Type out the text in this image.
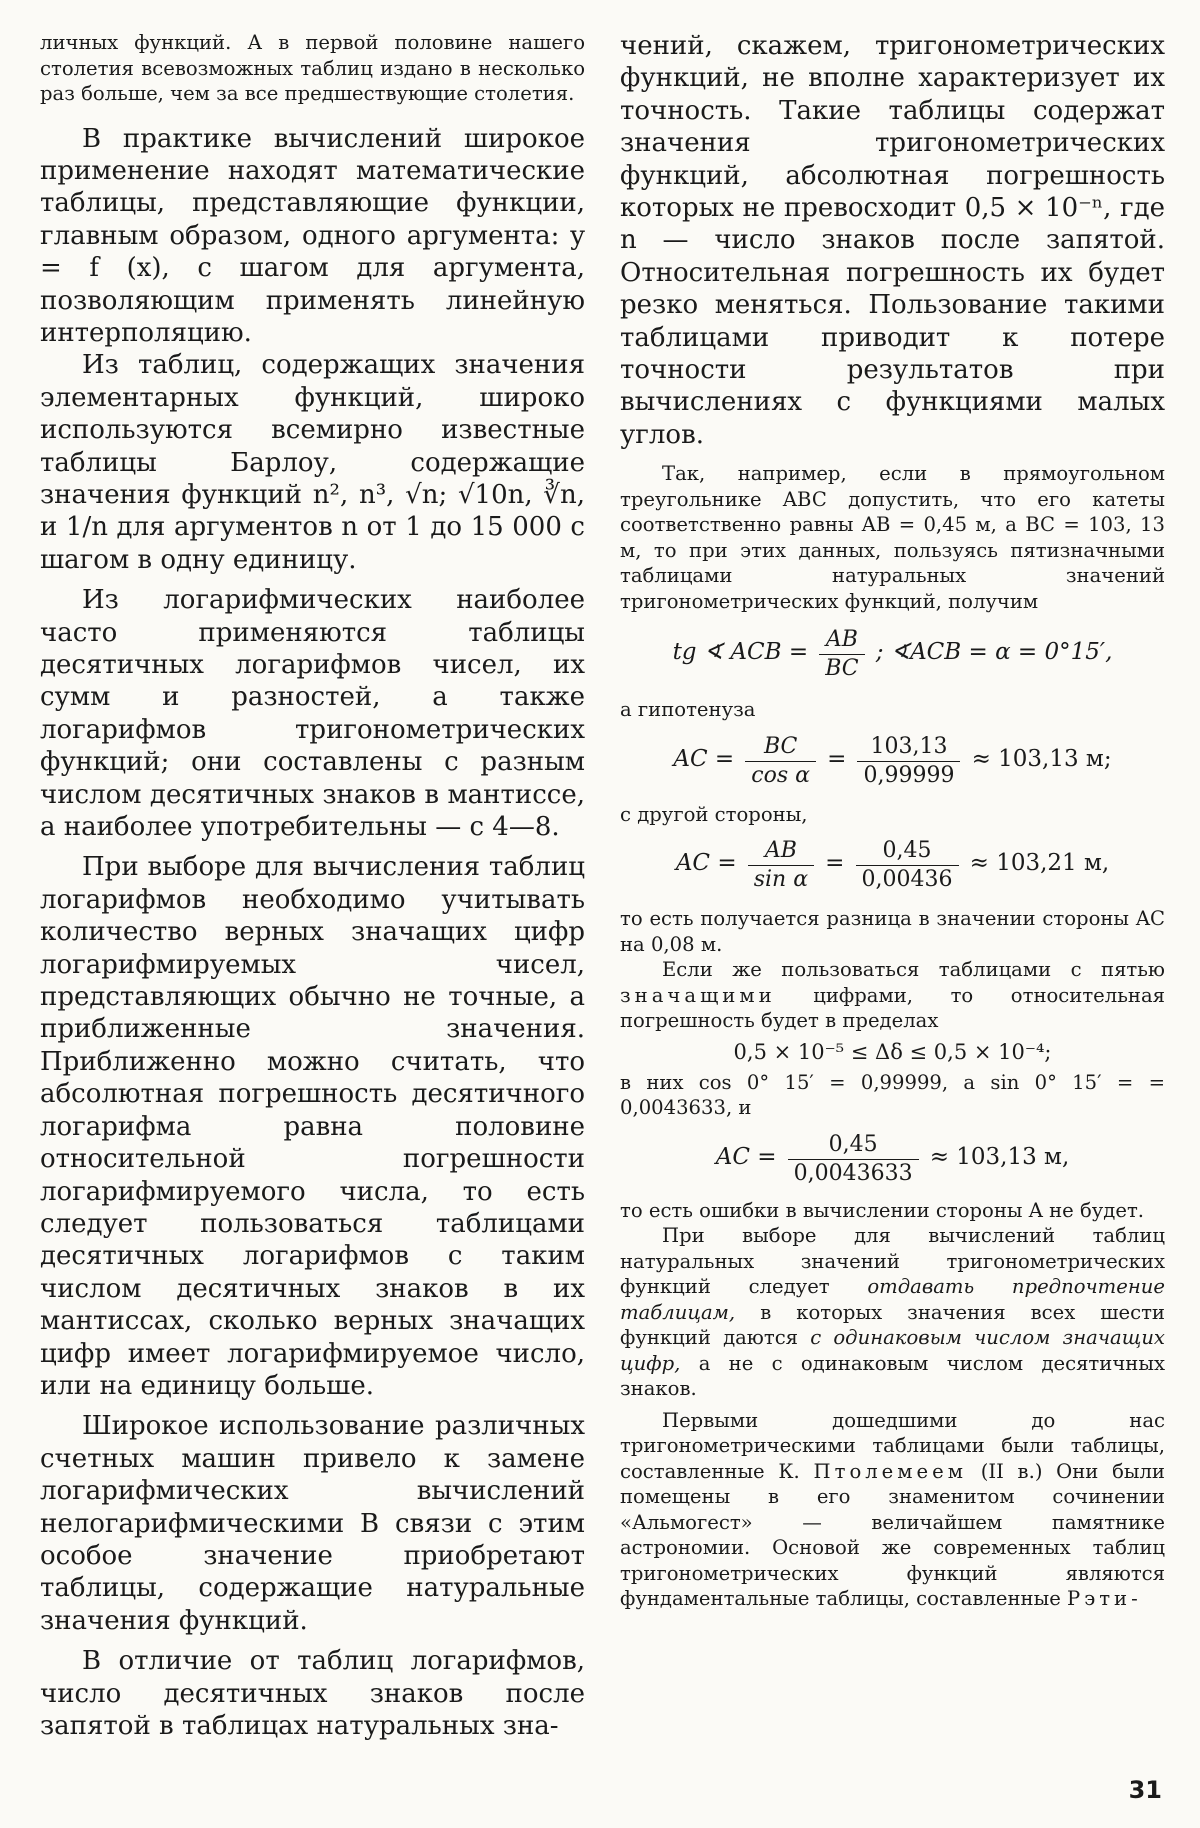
личных функций. А в первой половине нашего столетия всевозможных таблиц издано в несколько раз больше, чем за все предшествующие столетия.

В практике вычислений широкое применение находят математические таблицы, представляющие функции, главным образом, одного аргумента: y = f (x), с шагом для аргумента, позволяющим применять линейную интерполяцию.

Из таблиц, содержащих значения элементарных функций, широко используются всемирно известные таблицы Барлоу, содержащие значения функций n², n³, √n; √10n, ∛n, и 1/n для аргументов n от 1 до 15 000 с шагом в одну единицу.

Из логарифмических наиболее часто применяются таблицы десятичных логарифмов чисел, их сумм и разностей, а также логарифмов тригонометрических функций; они составлены с разным числом десятичных знаков в мантиссе, а наиболее употребительны — с 4—8.

При выборе для вычисления таблиц логарифмов необходимо учитывать количество верных значащих цифр логарифмируемых чисел, представляющих обычно не точные, а приближенные значения. Приближенно можно считать, что абсолютная погрешность десятичного логарифма равна половине относительной погрешности логарифмируемого числа, то есть следует пользоваться таблицами десятичных логарифмов с таким числом десятичных знаков в их мантиссах, сколько верных значащих цифр имеет логарифмируемое число, или на единицу больше.

Широкое использование различных счетных машин привело к замене логарифмических вычислений нелогарифмическими В связи с этим особое значение приобретают таблицы, содержащие натуральные значения функций.

В отличие от таблиц логарифмов, число десятичных знаков после запятой в таблицах натуральных зна-

чений, скажем, тригонометрических функций, не вполне характеризует их точность. Такие таблицы содержат значения тригонометрических функций, абсолютная погрешность которых не превосходит 0,5 × 10⁻ⁿ, где n — число знаков после запятой. Относительная погрешность их будет резко меняться. Пользование такими таблицами приводит к потере точности результатов при вычислениях с функциями малых углов.

Так, например, если в прямоугольном треугольнике ABC допустить, что его катеты соответственно равны AB = 0,45 м, а BC = 103, 13 м, то при этих данных, пользуясь пятизначными таблицами натуральных значений тригонометрических функций, получим

tg ∢ ACB = $\frac{AB}{BC}$ ; ∢ACB = α = 0°15′,

а гипотенуза

AC = $\frac{BC}{\text{cos α}} = \frac{103,13}{0,99999} \approx 103,13$ м;

с другой стороны,

AC = $\frac{AB}{\text{sin α}} = \frac{0,45}{0,00436} \approx 103,21$ м,

то есть получается разница в значении стороны AC на 0,08 м.

Если же пользоваться таблицами с пятью значащими цифрами, то относительная погрешность будет в пределах

0,5 × 10⁻⁵ ≤ Δδ ≤ 0,5 × 10⁻⁴;

в них cos 0° 15′ = 0,99999, а sin 0° 15′ = = 0,0043633, и

AC = $\frac{0,45}{0,0043633} \approx 103,13$ м,

то есть ошибки в вычислении стороны A не будет.

При выборе для вычислений таблиц натуральных значений тригонометрических функций следует отдавать предпочтение таблицам, в которых значения всех шести функций даются с одинаковым числом значащих цифр, а не с одинаковым числом десятичных знаков.

Первыми дошедшими до нас тригонометрическими таблицами были таблицы, составленные К. Птолемеем (II в.) Они были помещены в его знаменитом сочинении «Альмогест» — величайшем памятнике астрономии. Основой же современных таблиц тригонометрических функций являются фундаментальные таблицы, составленные Рэти-

31
